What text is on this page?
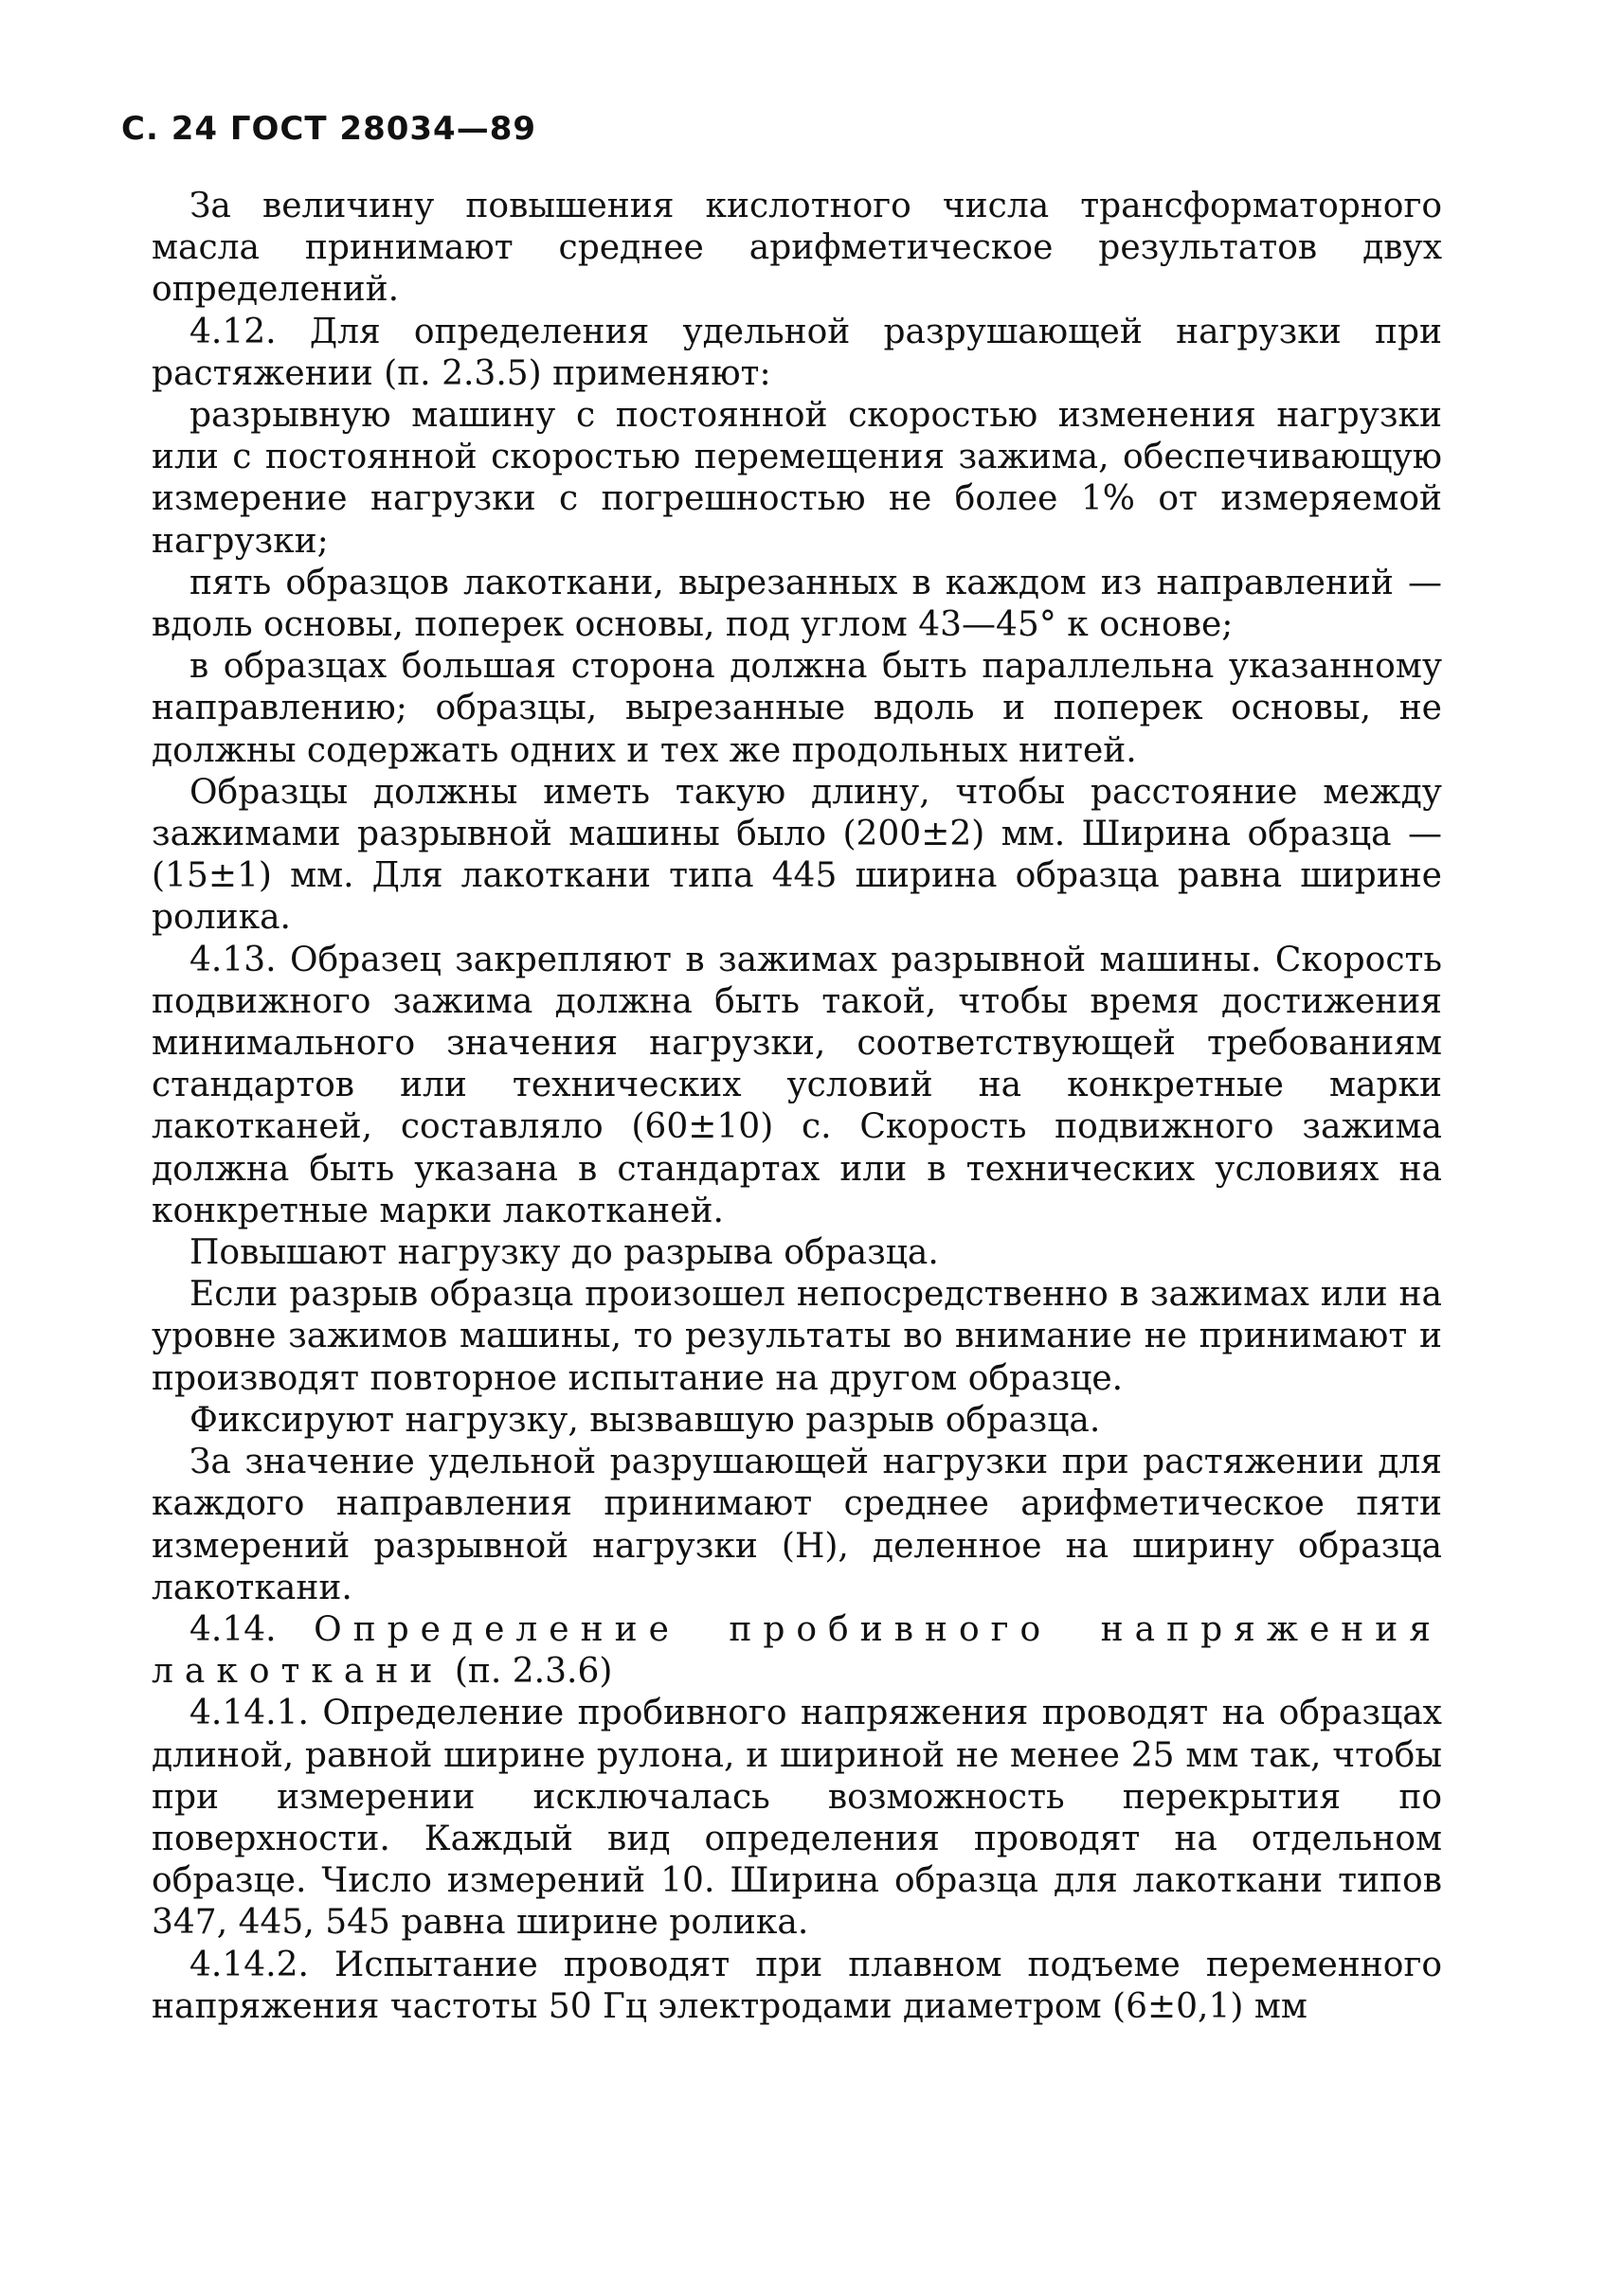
С. 24 ГОСТ 28034—89

За величину повышения кислотного числа трансформаторного масла принимают среднее арифметическое результатов двух определений.

4.12. Для определения удельной разрушающей нагрузки при растяжении (п. 2.3.5) применяют:

разрывную машину с постоянной скоростью изменения нагрузки или с постоянной скоростью перемещения зажима, обеспечивающую измерение нагрузки с погрешностью не более 1% от измеряемой нагрузки;

пять образцов лакоткани, вырезанных в каждом из направлений — вдоль основы, поперек основы, под углом 43—45° к основе;

в образцах большая сторона должна быть параллельна указанному направлению; образцы, вырезанные вдоль и поперек основы, не должны содержать одних и тех же продольных нитей.

Образцы должны иметь такую длину, чтобы расстояние между зажимами разрывной машины было (200±2) мм. Ширина образца — (15±1) мм. Для лакоткани типа 445 ширина образца равна ширине ролика.

4.13. Образец закрепляют в зажимах разрывной машины. Скорость подвижного зажима должна быть такой, чтобы время достижения минимального значения нагрузки, соответствующей требованиям стандартов или технических условий на конкретные марки лакотканей, составляло (60±10) с. Скорость подвижного зажима должна быть указана в стандартах или в технических условиях на конкретные марки лакотканей.

Повышают нагрузку до разрыва образца.

Если разрыв образца произошел непосредственно в зажимах или на уровне зажимов машины, то результаты во внимание не принимают и производят повторное испытание на другом образце.

Фиксируют нагрузку, вызвавшую разрыв образца.

За значение удельной разрушающей нагрузки при растяжении для каждого направления принимают среднее арифметическое пяти измерений разрывной нагрузки (Н), деленное на ширину образца лакоткани.

4.14. Определение пробивного напряжения лакоткани (п. 2.3.6)

4.14.1. Определение пробивного напряжения проводят на образцах длиной, равной ширине рулона, и шириной не менее 25 мм так, чтобы при измерении исключалась возможность перекрытия по поверхности. Каждый вид определения проводят на отдельном образце. Число измерений 10. Ширина образца для лакоткани типов 347, 445, 545 равна ширине ролика.

4.14.2. Испытание проводят при плавном подъеме переменного напряжения частоты 50 Гц электродами диаметром (6±0,1) мм
